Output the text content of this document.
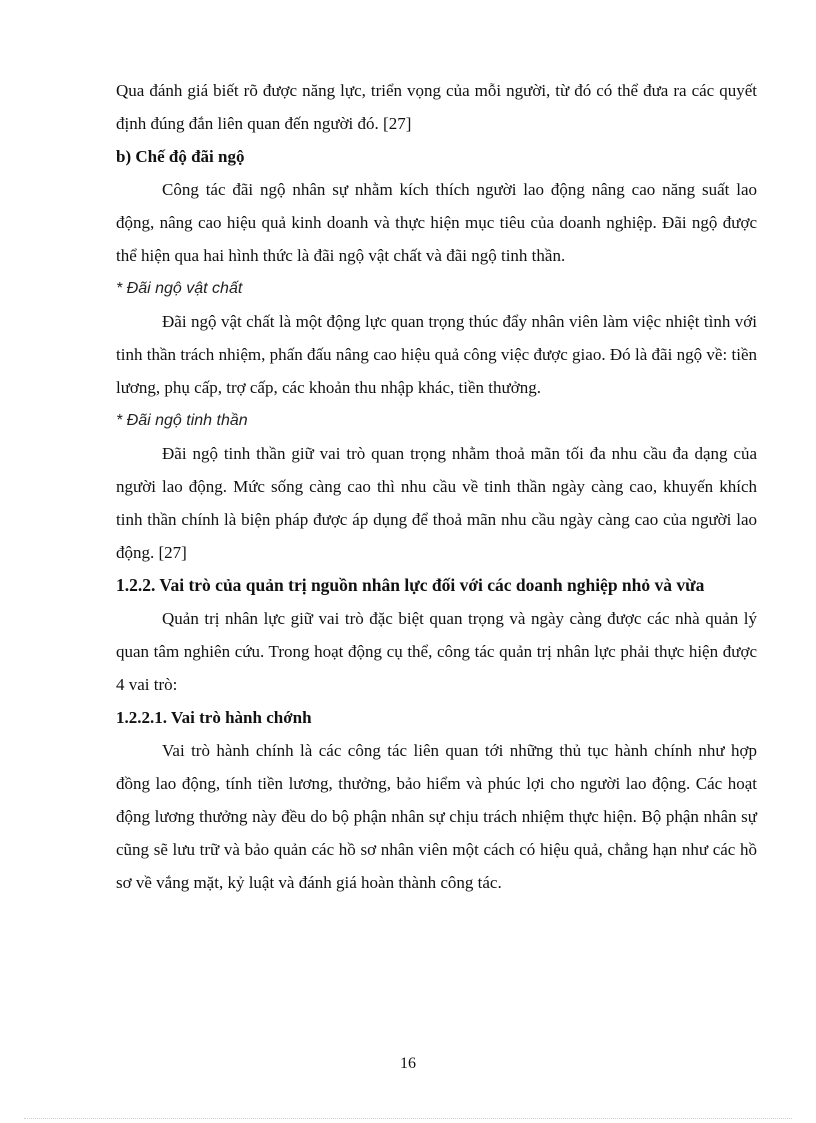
Qua đánh giá biết rõ được năng lực, triển vọng của mỗi người, từ đó có thể đưa ra các quyết định đúng đắn liên quan đến người đó. [27]

b) Chế độ đãi ngộ

Công tác đãi ngộ nhân sự nhằm kích thích người lao động nâng cao năng suất lao động, nâng cao hiệu quả kinh doanh và thực hiện mục tiêu của doanh nghiệp. Đãi ngộ được thể hiện qua hai hình thức là đãi ngộ vật chất và đãi ngộ tinh thần.

* Đãi ngộ vật chất

Đãi ngộ vật chất là một động lực quan trọng thúc đẩy nhân viên làm việc nhiệt tình với tinh thần trách nhiệm, phấn đấu nâng cao hiệu quả công việc được giao. Đó là đãi ngộ về: tiền lương, phụ cấp, trợ cấp, các khoản thu nhập khác, tiền thưởng.

* Đãi ngộ tinh thần

Đãi ngộ tinh thần giữ vai trò quan trọng nhằm thoả mãn tối đa nhu cầu đa dạng của người lao động. Mức sống càng cao thì nhu cầu về tinh thần ngày càng cao, khuyến khích tinh thần chính là biện pháp được áp dụng để thoả mãn nhu cầu ngày càng cao của người lao động. [27]

1.2.2. Vai trò của quản trị nguồn nhân lực đối với các doanh nghiệp nhỏ và vừa

Quản trị nhân lực giữ vai trò đặc biệt quan trọng và ngày càng được các nhà quản lý quan tâm nghiên cứu. Trong hoạt động cụ thể, công tác quản trị nhân lực phải thực hiện được 4 vai trò:

1.2.2.1. Vai trò hành chớnh

Vai trò hành chính là các công tác liên quan tới những thủ tục hành chính như hợp đồng lao động, tính tiền lương, thưởng, bảo hiểm và phúc lợi cho người lao động. Các hoạt động lương thưởng này đều do bộ phận nhân sự chịu trách nhiệm thực hiện. Bộ phận nhân sự cũng sẽ lưu trữ và bảo quản các hồ sơ nhân viên một cách có hiệu quả, chẳng hạn như các hồ sơ về vắng mặt, kỷ luật và đánh giá hoàn thành công tác.

16
